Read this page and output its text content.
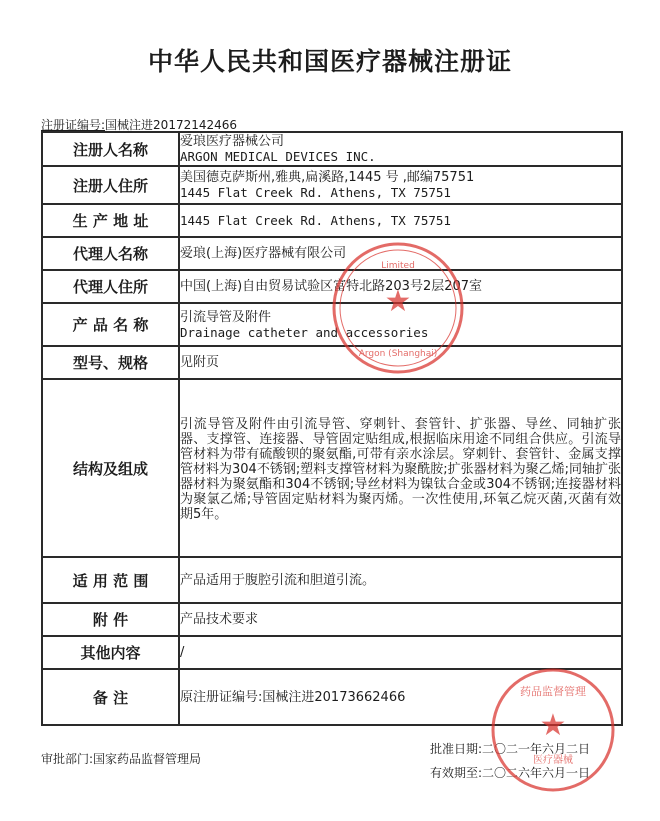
中华人民共和国医疗器械注册证
注册证编号:国械注进20172142466
注册人名称	爱琅医疗器械公司
ARGON MEDICAL DEVICES INC.

注册人住所	美国德克萨斯州,雅典,扁溪路,1445 号 ,邮编75751
1445 Flat Creek Rd. Athens, TX 75751

生 产 地 址	1445 Flat Creek Rd. Athens, TX 75751

代理人名称	爱琅(上海)医疗器械有限公司
代理人住所	中国(上海)自由贸易试验区富特北路203号2层207室
产 品 名 称	引流导管及附件
Drainage catheter and accessories

型号、规格	见附页
结构及组成	引流导管及附件由引流导管、穿刺针、套管针、扩张器、导丝、同轴扩张器、支撑管、连接器、导管固定贴组成,根据临床用途不同组合供应。引流导管材料为带有硫酸钡的聚氨酯,可带有亲水涂层。穿刺针、套管针、金属支撑管材料为304不锈钢;塑料支撑管材料为聚酰胺;扩张器材料为聚乙烯;同轴扩张器材料为聚氨酯和304不锈钢;导丝材料为镍钛合金或304不锈钢;连接器材料为聚氯乙烯;导管固定贴材料为聚丙烯。一次性使用,环氧乙烷灭菌,灭菌有效期5年。

适 用 范 围	产品适用于腹腔引流和胆道引流。
附 件	产品技术要求
其他内容	/
备 注	原注册证编号:国械注进20173662466
审批部门:国家药品监督管理局
批准日期:二〇二一年六月二日
有效期至:二〇二六年六月一日
★
Limited
Argon (Shanghai)
★
药品监督管理
医疗器械
